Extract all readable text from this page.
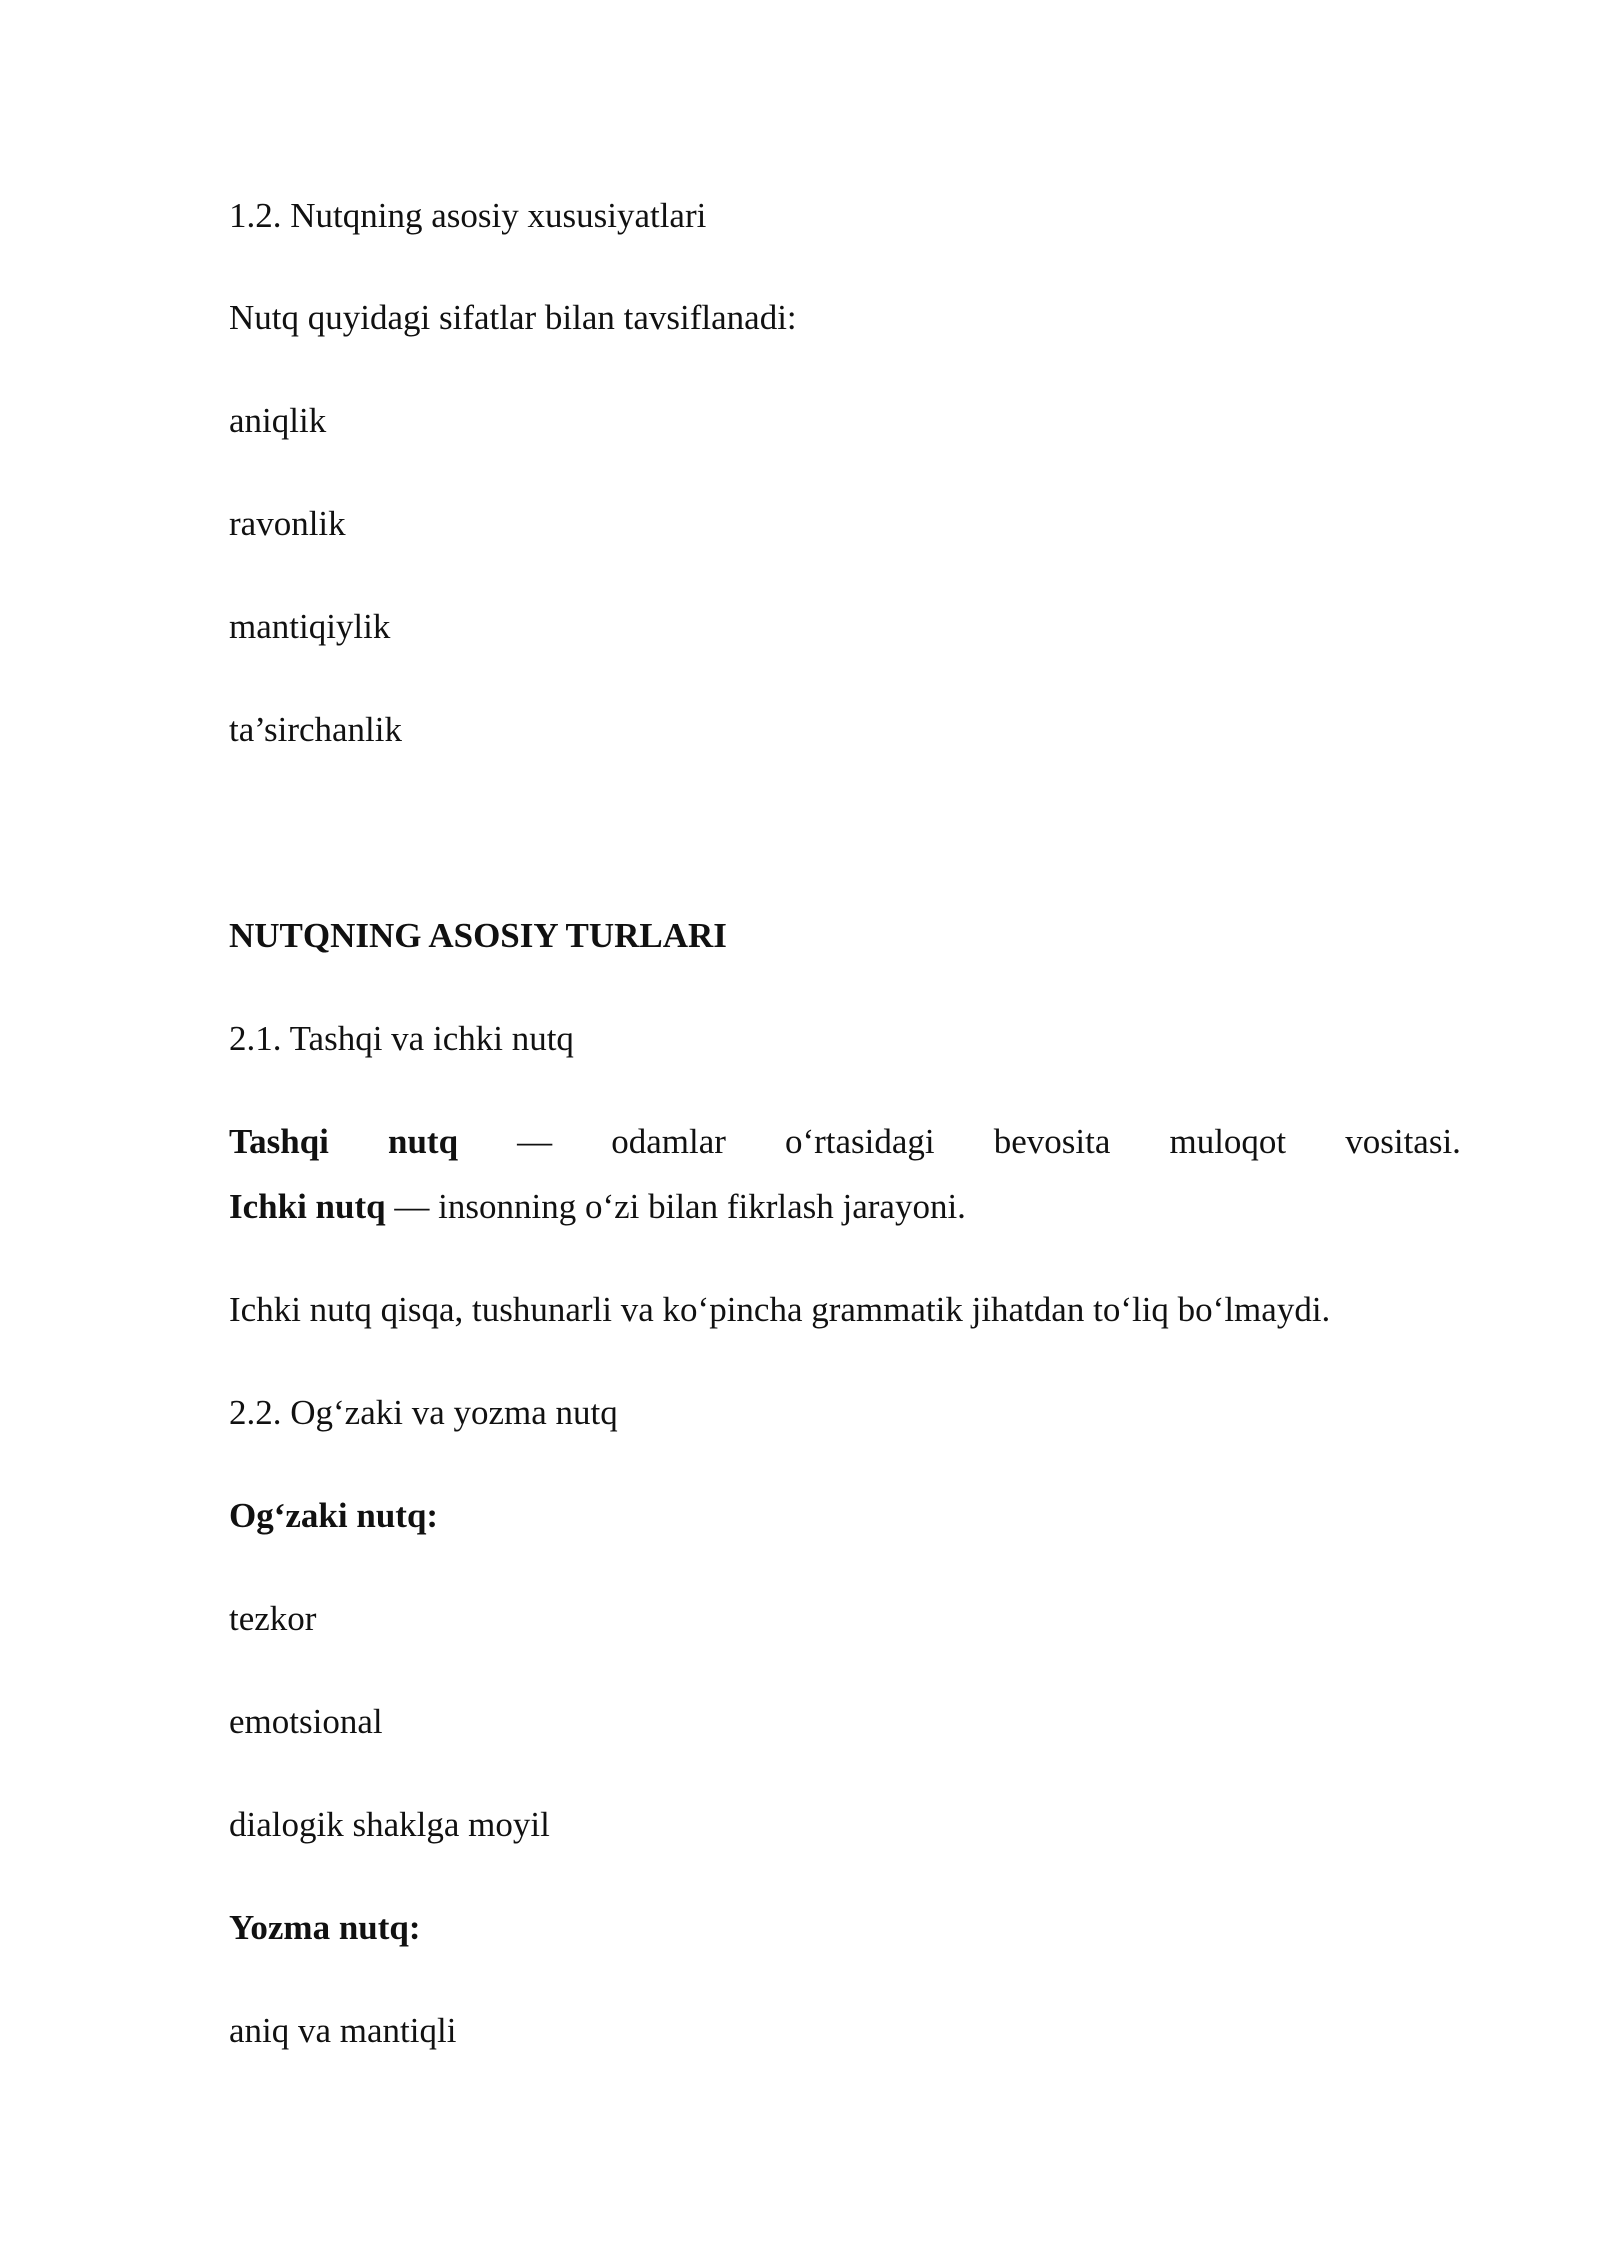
1.2. Nutqning asosiy xususiyatlari

Nutq quyidagi sifatlar bilan tavsiflanadi:

aniqlik

ravonlik

mantiqiylik

ta’sirchanlik

NUTQNING ASOSIY TURLARI

2.1. Tashqi va ichki nutq

Tashqi nutq — odamlar o‘rtasidagi bevosita muloqot vositasi.

Ichki nutq — insonning o‘zi bilan fikrlash jarayoni.

Ichki nutq qisqa, tushunarli va ko‘pincha grammatik jihatdan to‘liq bo‘lmaydi.

2.2. Og‘zaki va yozma nutq

Og‘zaki nutq:

tezkor

emotsional

dialogik shaklga moyil

Yozma nutq:

aniq va mantiqli
